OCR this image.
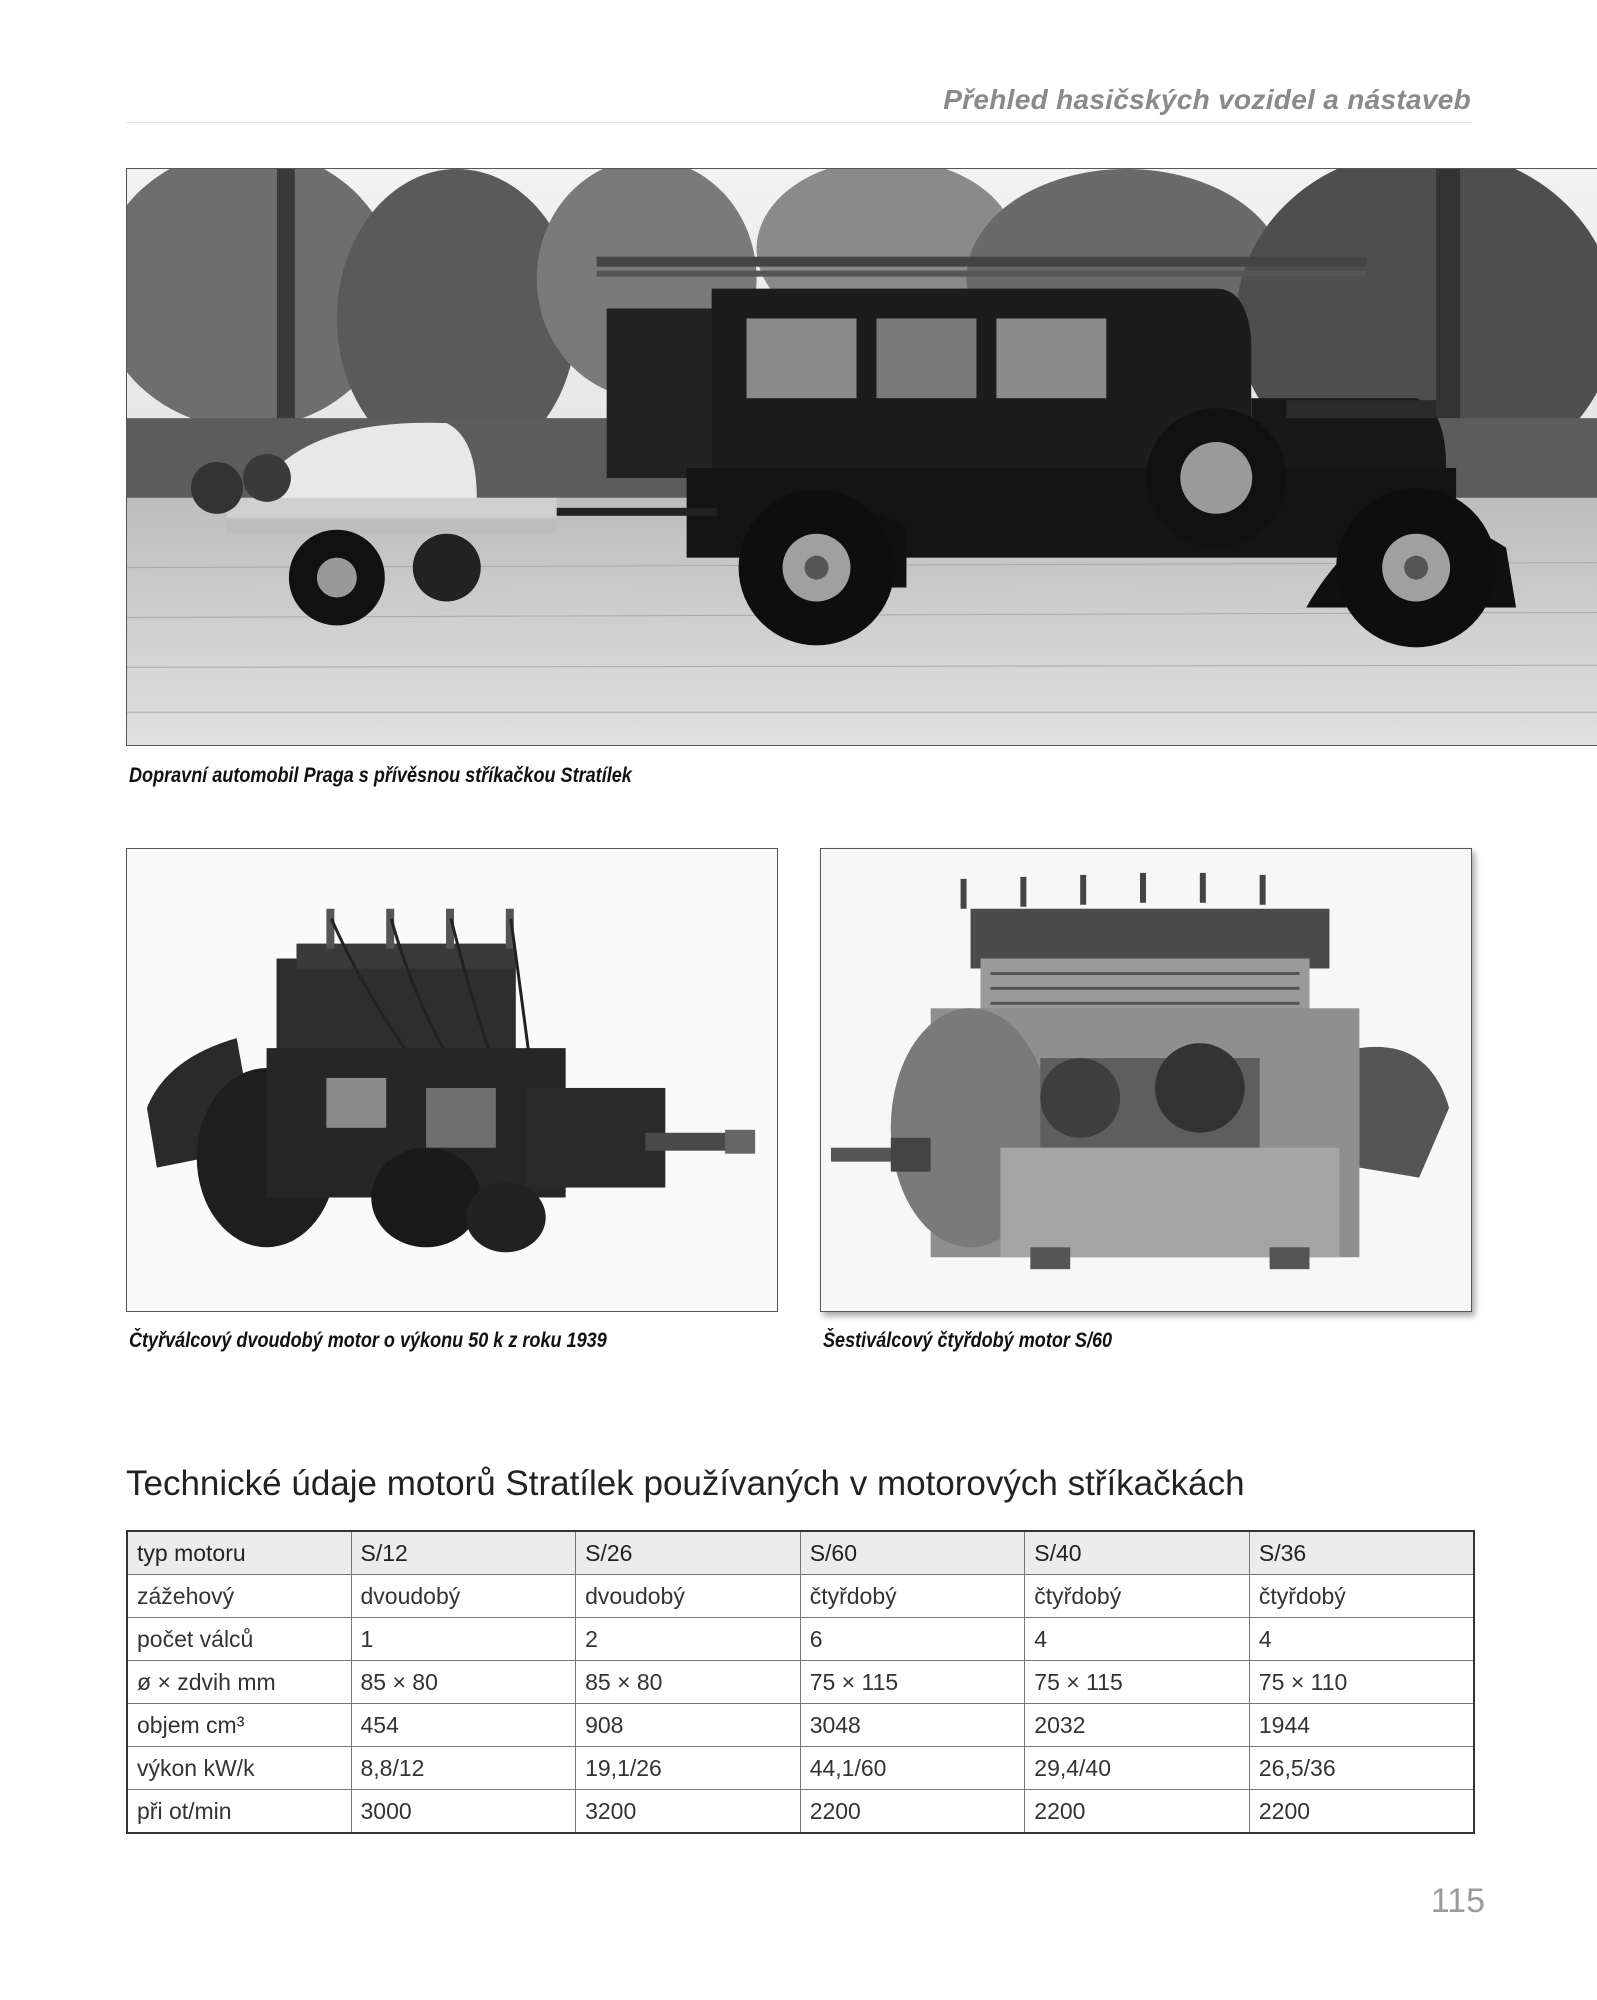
Přehled hasičských vozidel a nástaveb
Dopravní automobil Praga s přívěsnou stříkačkou Stratílek
Čtyřválcový dvoudobý motor o výkonu 50 k z roku 1939	Šestiválcový čtyřdobý motor S/60
Technické údaje motorů Stratílek používaných v motorových stříkačkách
typ motoru	S/12	S/26	S/60	S/40	S/36
zážehový	dvoudobý	dvoudobý	čtyřdobý	čtyřdobý	čtyřdobý
počet válců	1	2	6	4	4
ø × zdvih mm	85 × 80	85 × 80	75 × 115	75 × 115	75 × 110
objem cm³	454	908	3048	2032	1944
výkon kW/k	8,8/12	19,1/26	44,1/60	29,4/40	26,5/36
při ot/min	3000	3200	2200	2200	2200
115
